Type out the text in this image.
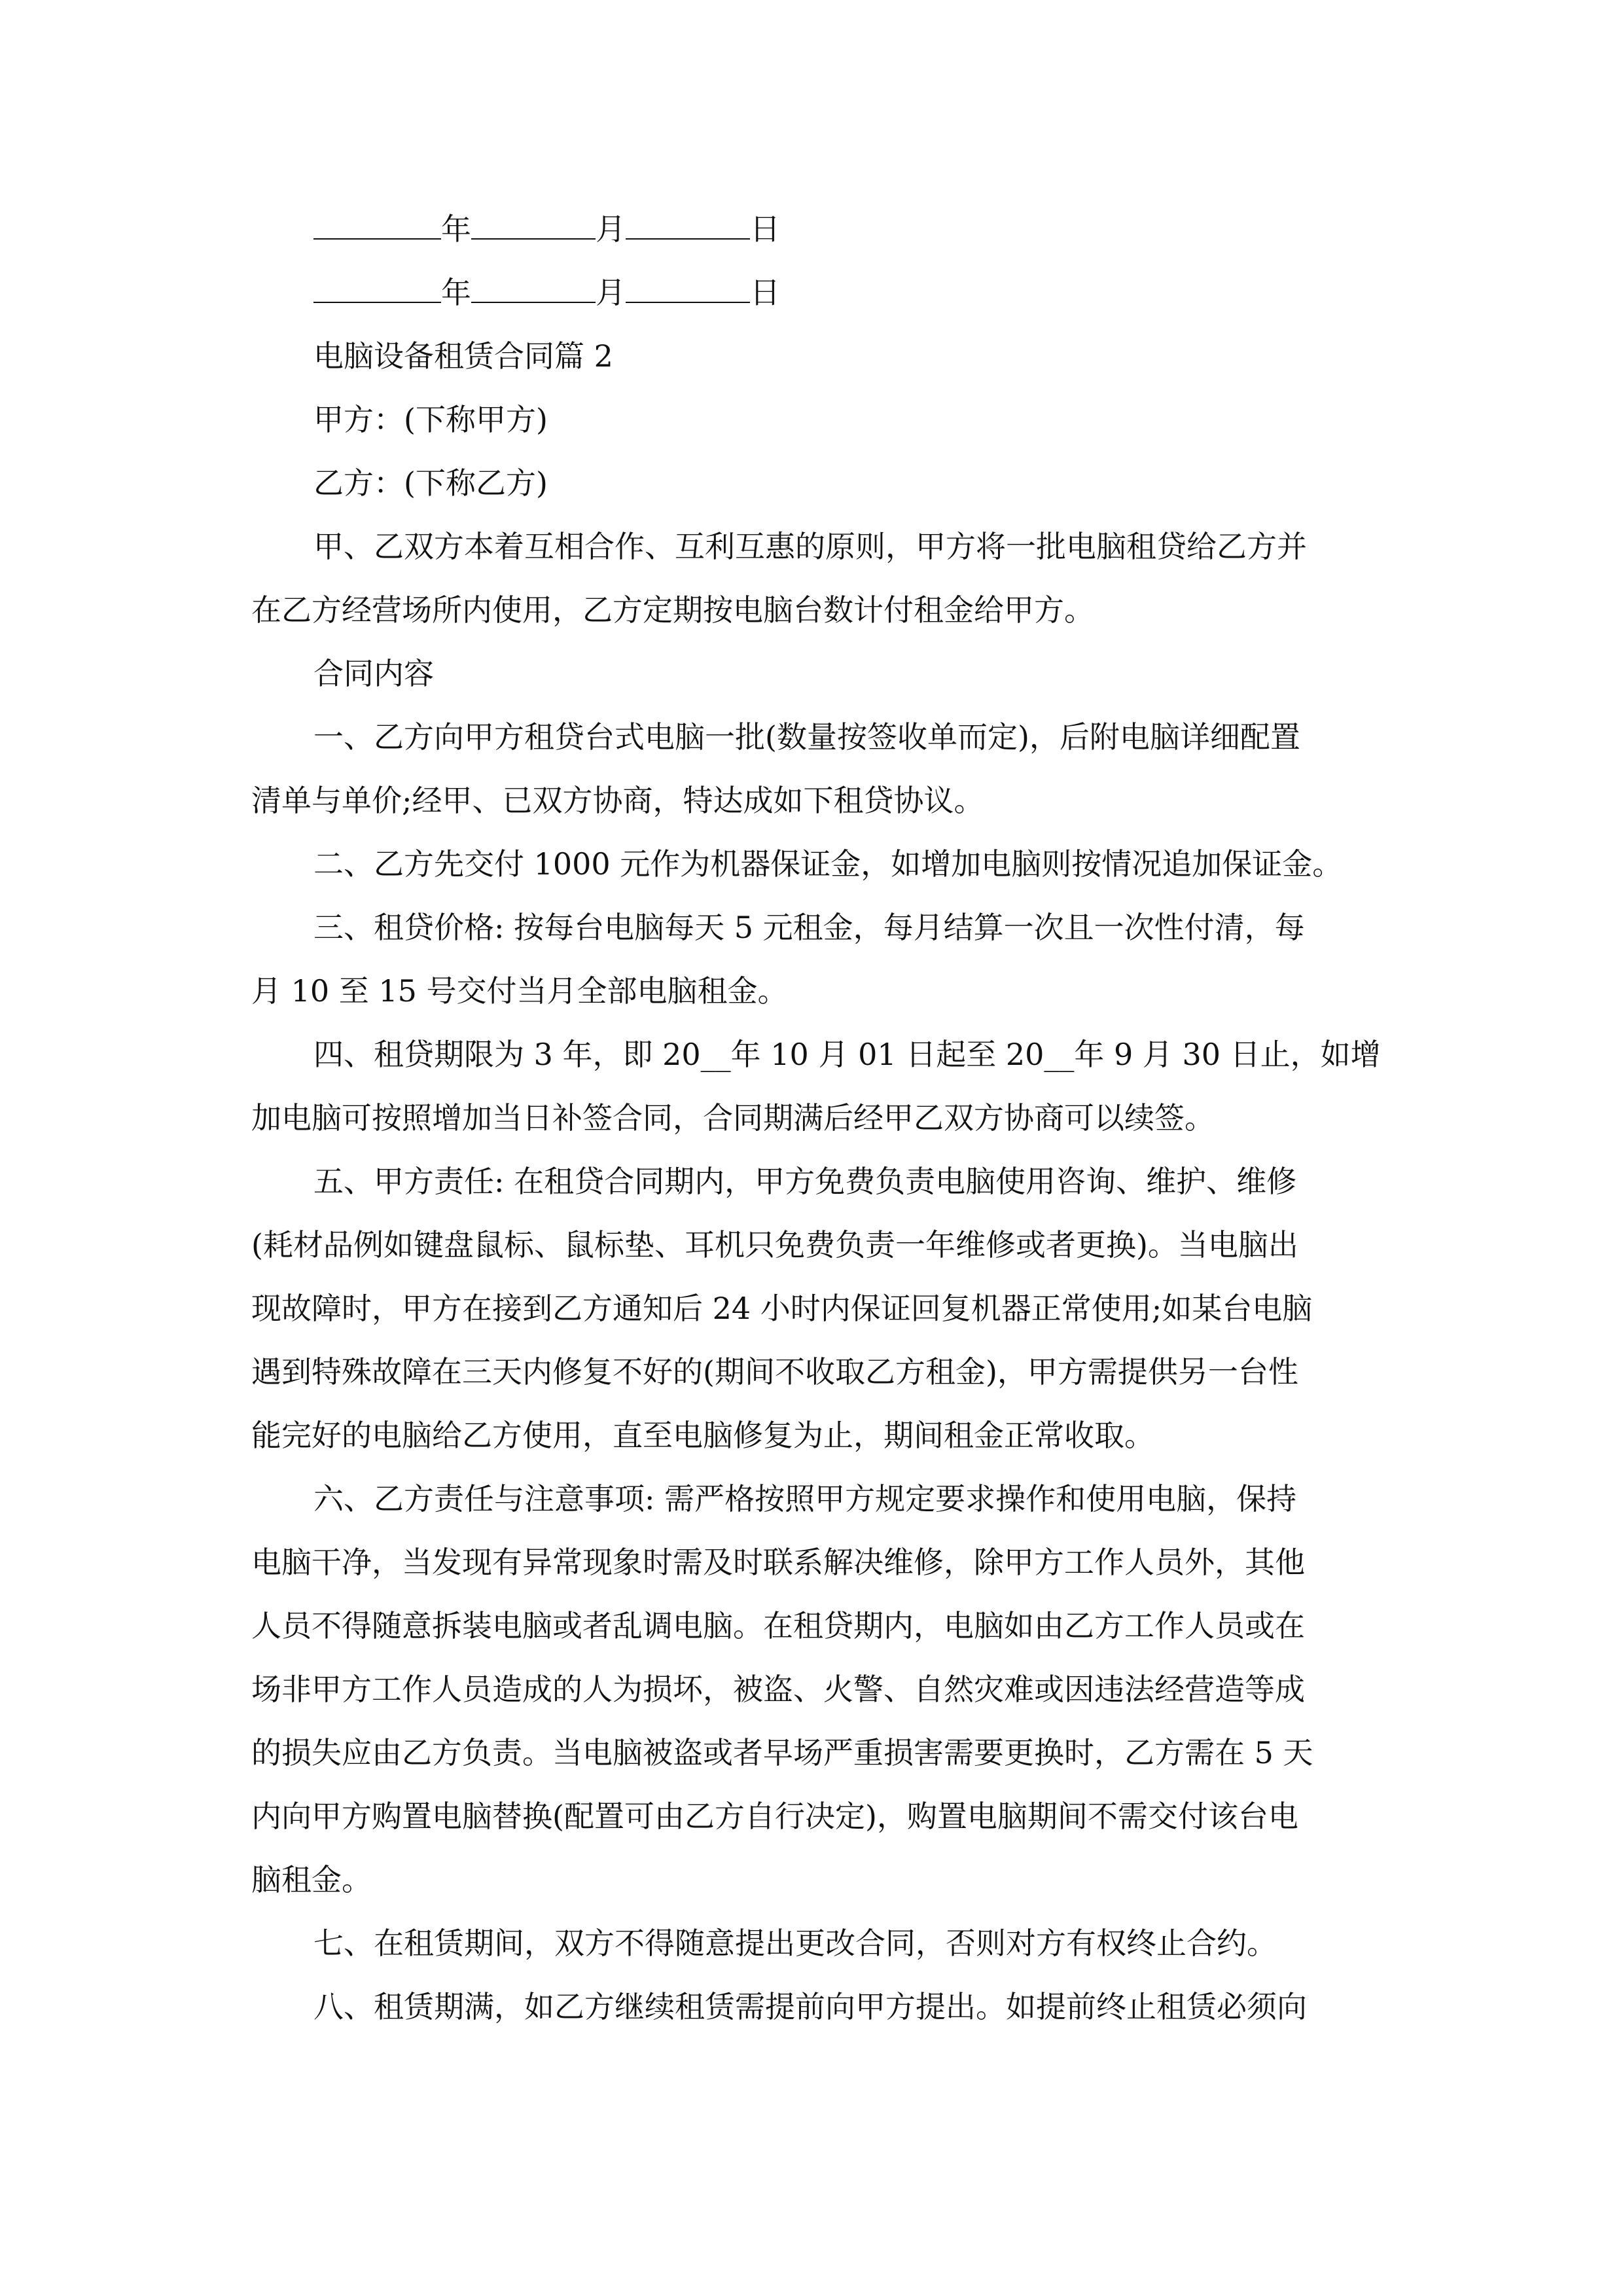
年	月	日
年	月	日

电脑设备租赁合同篇 2

甲方：(下称甲方)

乙方：(下称乙方)

甲、乙双方本着互相合作、互利互惠的原则，甲方将一批电脑租贷给乙方并

在乙方经营场所内使用，乙方定期按电脑台数计付租金给甲方。

合同内容

一、乙方向甲方租贷台式电脑一批(数量按签收单而定)，后附电脑详细配置

清单与单价;经甲、已双方协商，特达成如下租贷协议。

二、乙方先交付 1000 元作为机器保证金，如增加电脑则按情况追加保证金。

三、租贷价格: 按每台电脑每天 5 元租金，每月结算一次且一次性付清，每

月 10 至 15 号交付当月全部电脑租金。

四、租贷期限为 3 年，即 20__年 10 月 01 日起至 20__年 9 月 30 日止，如增

加电脑可按照增加当日补签合同，合同期满后经甲乙双方协商可以续签。

五、甲方责任: 在租贷合同期内，甲方免费负责电脑使用咨询、维护、维修

(耗材品例如键盘鼠标、鼠标垫、耳机只免费负责一年维修或者更换)。当电脑出

现故障时，甲方在接到乙方通知后 24 小时内保证回复机器正常使用;如某台电脑

遇到特殊故障在三天内修复不好的(期间不收取乙方租金)，甲方需提供另一台性

能完好的电脑给乙方使用，直至电脑修复为止，期间租金正常收取。

六、乙方责任与注意事项: 需严格按照甲方规定要求操作和使用电脑，保持

电脑干净，当发现有异常现象时需及时联系解决维修，除甲方工作人员外，其他

人员不得随意拆装电脑或者乱调电脑。在租贷期内，电脑如由乙方工作人员或在

场非甲方工作人员造成的人为损坏，被盗、火警、自然灾难或因违法经营造等成

的损失应由乙方负责。当电脑被盗或者早场严重损害需要更换时，乙方需在 5 天

内向甲方购置电脑替换(配置可由乙方自行决定)，购置电脑期间不需交付该台电

脑租金。

七、在租赁期间，双方不得随意提出更改合同，否则对方有权终止合约。

八、租赁期满，如乙方继续租赁需提前向甲方提出。如提前终止租赁必须向
